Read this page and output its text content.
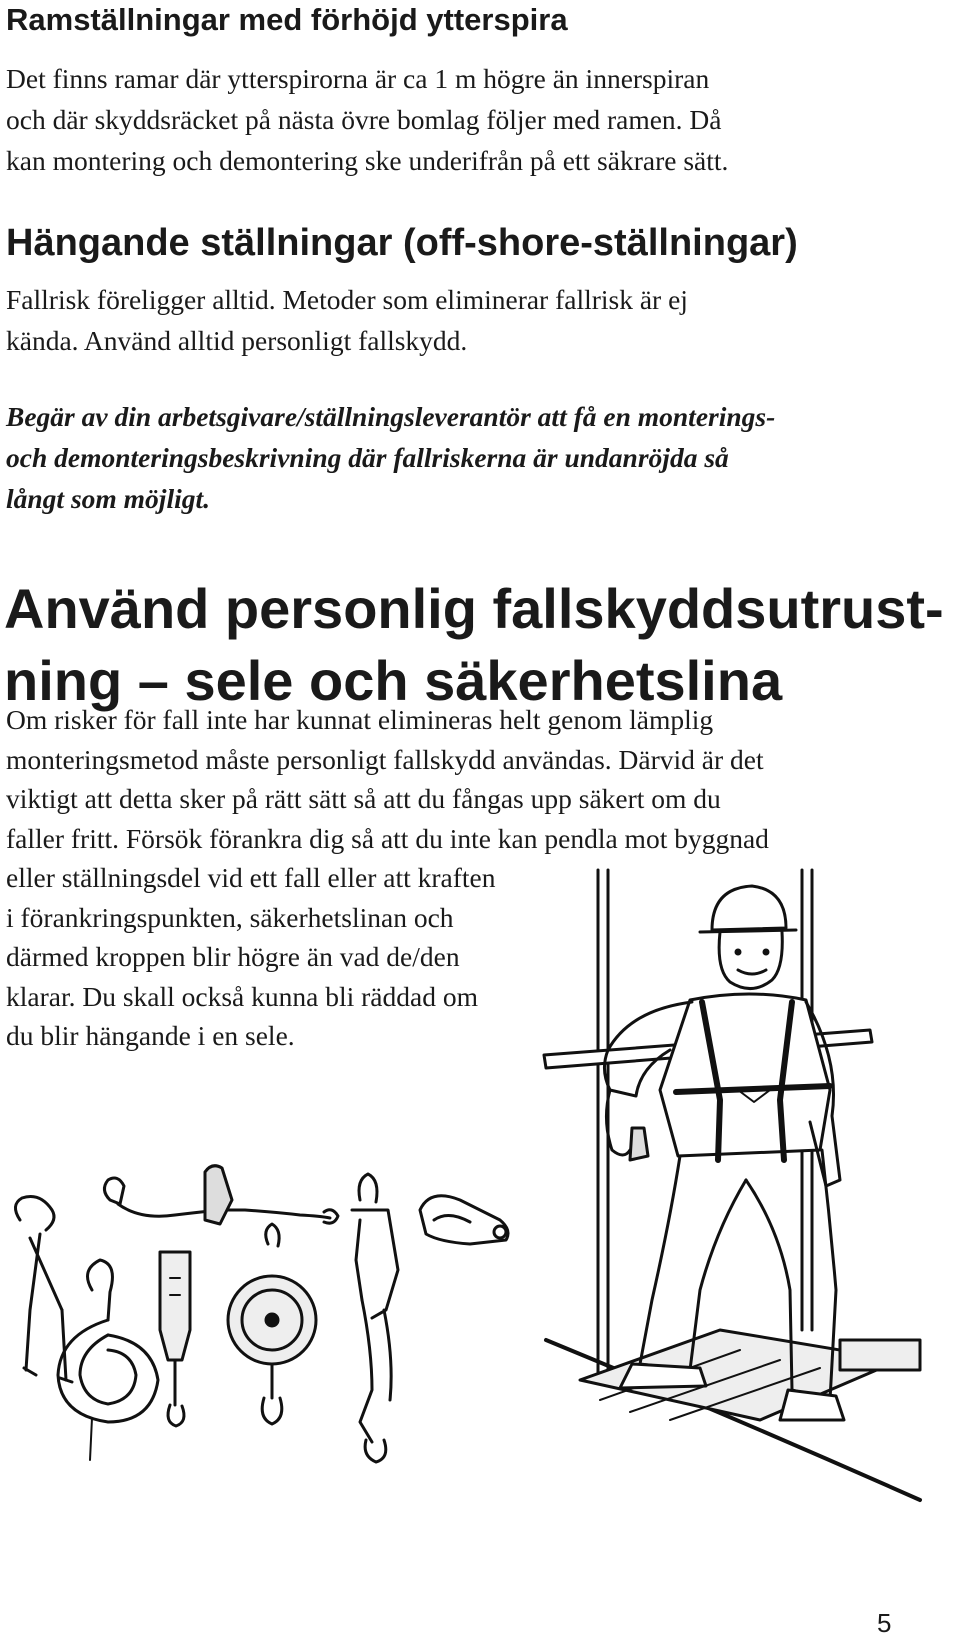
Ramställningar med förhöjd ytterspira

Det finns ramar där ytterspirorna är ca 1 m högre än innerspiran
och där skyddsräcket på nästa övre bomlag följer med ramen. Då
kan montering och demontering ske underifrån på ett säkrare sätt.

Hängande ställningar (off-shore-ställningar)

Fallrisk föreligger alltid. Metoder som eliminerar fallrisk är ej
kända. Använd alltid personligt fallskydd.

Begär av din arbetsgivare/ställningsleverantör att få en monterings-
och demonteringsbeskrivning där fallriskerna är undanröjda så
långt som möjligt.

Använd personlig fallskyddsutrust-
ning – sele och säkerhetslina

Om risker för fall inte har kunnat elimineras helt genom lämplig
monteringsmetod måste personligt fallskydd användas. Därvid är det
viktigt att detta sker på rätt sätt så att du fångas upp säkert om du
faller fritt. Försök förankra dig så att du inte kan pendla mot byggnad
eller ställningsdel vid ett fall eller att kraften
i förankringspunkten, säkerhetslinan och
därmed kroppen blir högre än vad de/den
klarar. Du skall också kunna bli räddad om
du blir hängande i en sele.

5
